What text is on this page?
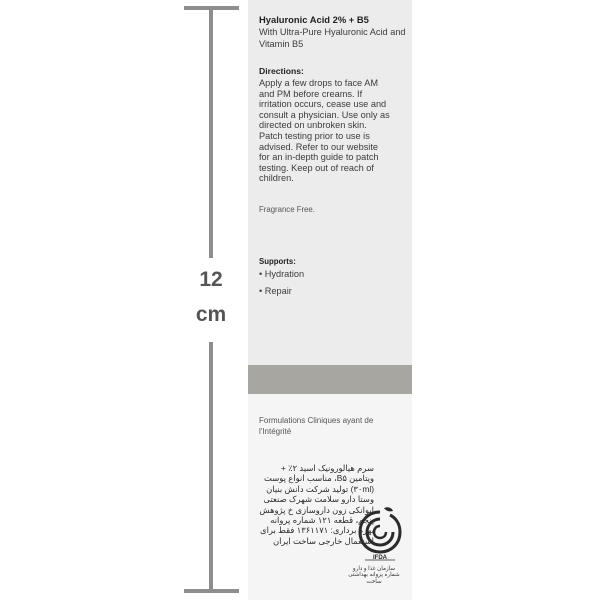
12
cm
Hyaluronic Acid 2% + B5
With Ultra-Pure Hyaluronic Acid and Vitamin B5
Directions:
Apply a few drops to face AM and PM before creams. If irritation occurs, cease use and consult a physician. Use only as directed on unbroken skin. Patch testing prior to use is advised. Refer to our website for an in-depth guide to patch testing. Keep out of reach of children.
Fragrance Free.
Supports:
• Hydration
• Repair
Formulations Cliniques ayant de l'Intégrité
سرم هیالورونیک اسید ۲٪ + ویتامین B۵، مناسب انواع پوست (۳۰ml) تولید شرکت دانش بنیان وستا دارو سلامت شهرک صنعتی ایوانکی زون داروسازی خ پژوهش پنجم، قطعه ۱۲۱ شماره پروانه بهره برداری: ۱۳۶۱۱۷۱ فقط برای استعمال خارجی ساخت ایران
IFDA
سازمان غذا و دارو
شماره پروانه بهداشتی ساخت
